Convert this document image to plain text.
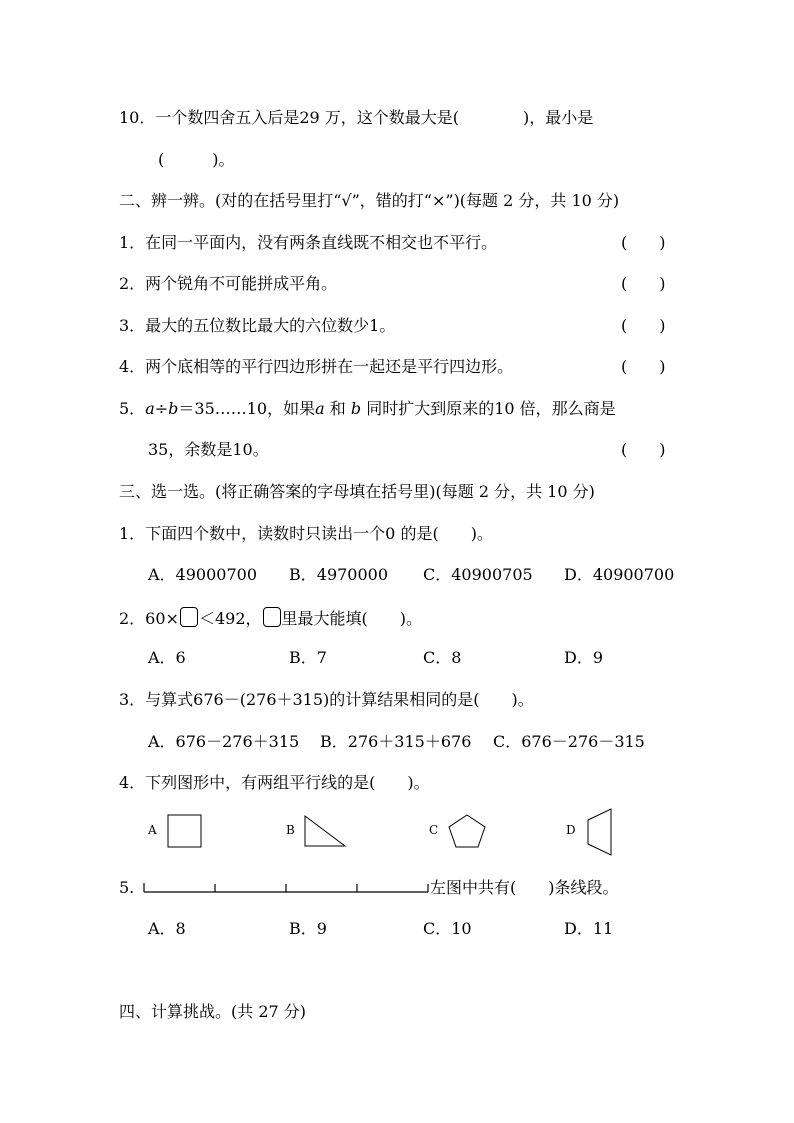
10．一个数四舍五入后是29 万，这个数最大是(　　　　)，最小是
(　　　)。
二、辨一辨。(对的在括号里打“√”，错的打“×”)(每题 2 分，共 10 分)
1．在同一平面内，没有两条直线既不相交也不平行。	(　　)
2．两个锐角不可能拼成平角。	(　　)
3．最大的五位数比最大的六位数少1。	(　　)
4．两个底相等的平行四边形拼在一起还是平行四边形。	(　　)
5．a÷b＝35……10，如果a 和 b 同时扩大到原来的10 倍，那么商是
35，余数是10。	(　　)
三、选一选。(将正确答案的字母填在括号里)(每题 2 分，共 10 分)
1．下面四个数中，读数时只读出一个0 的是(　　)。
A．49000700 B．4970000 C．40900705 D．40900700
2．60× ＜492， 里最大能填(　　)。
A．6	B．7	C．8	D．9
3．与算式676－(276＋315)的计算结果相同的是(　　)。
A．676－276＋315 B．276＋315＋676 C．676－276－315
4．下列图形中，有两组平行线的是(　　)。
A	B	C	D
5.	左图中共有(　　)条线段。
A．8	B．9	C．10	D．11
四、计算挑战。(共 27 分)
